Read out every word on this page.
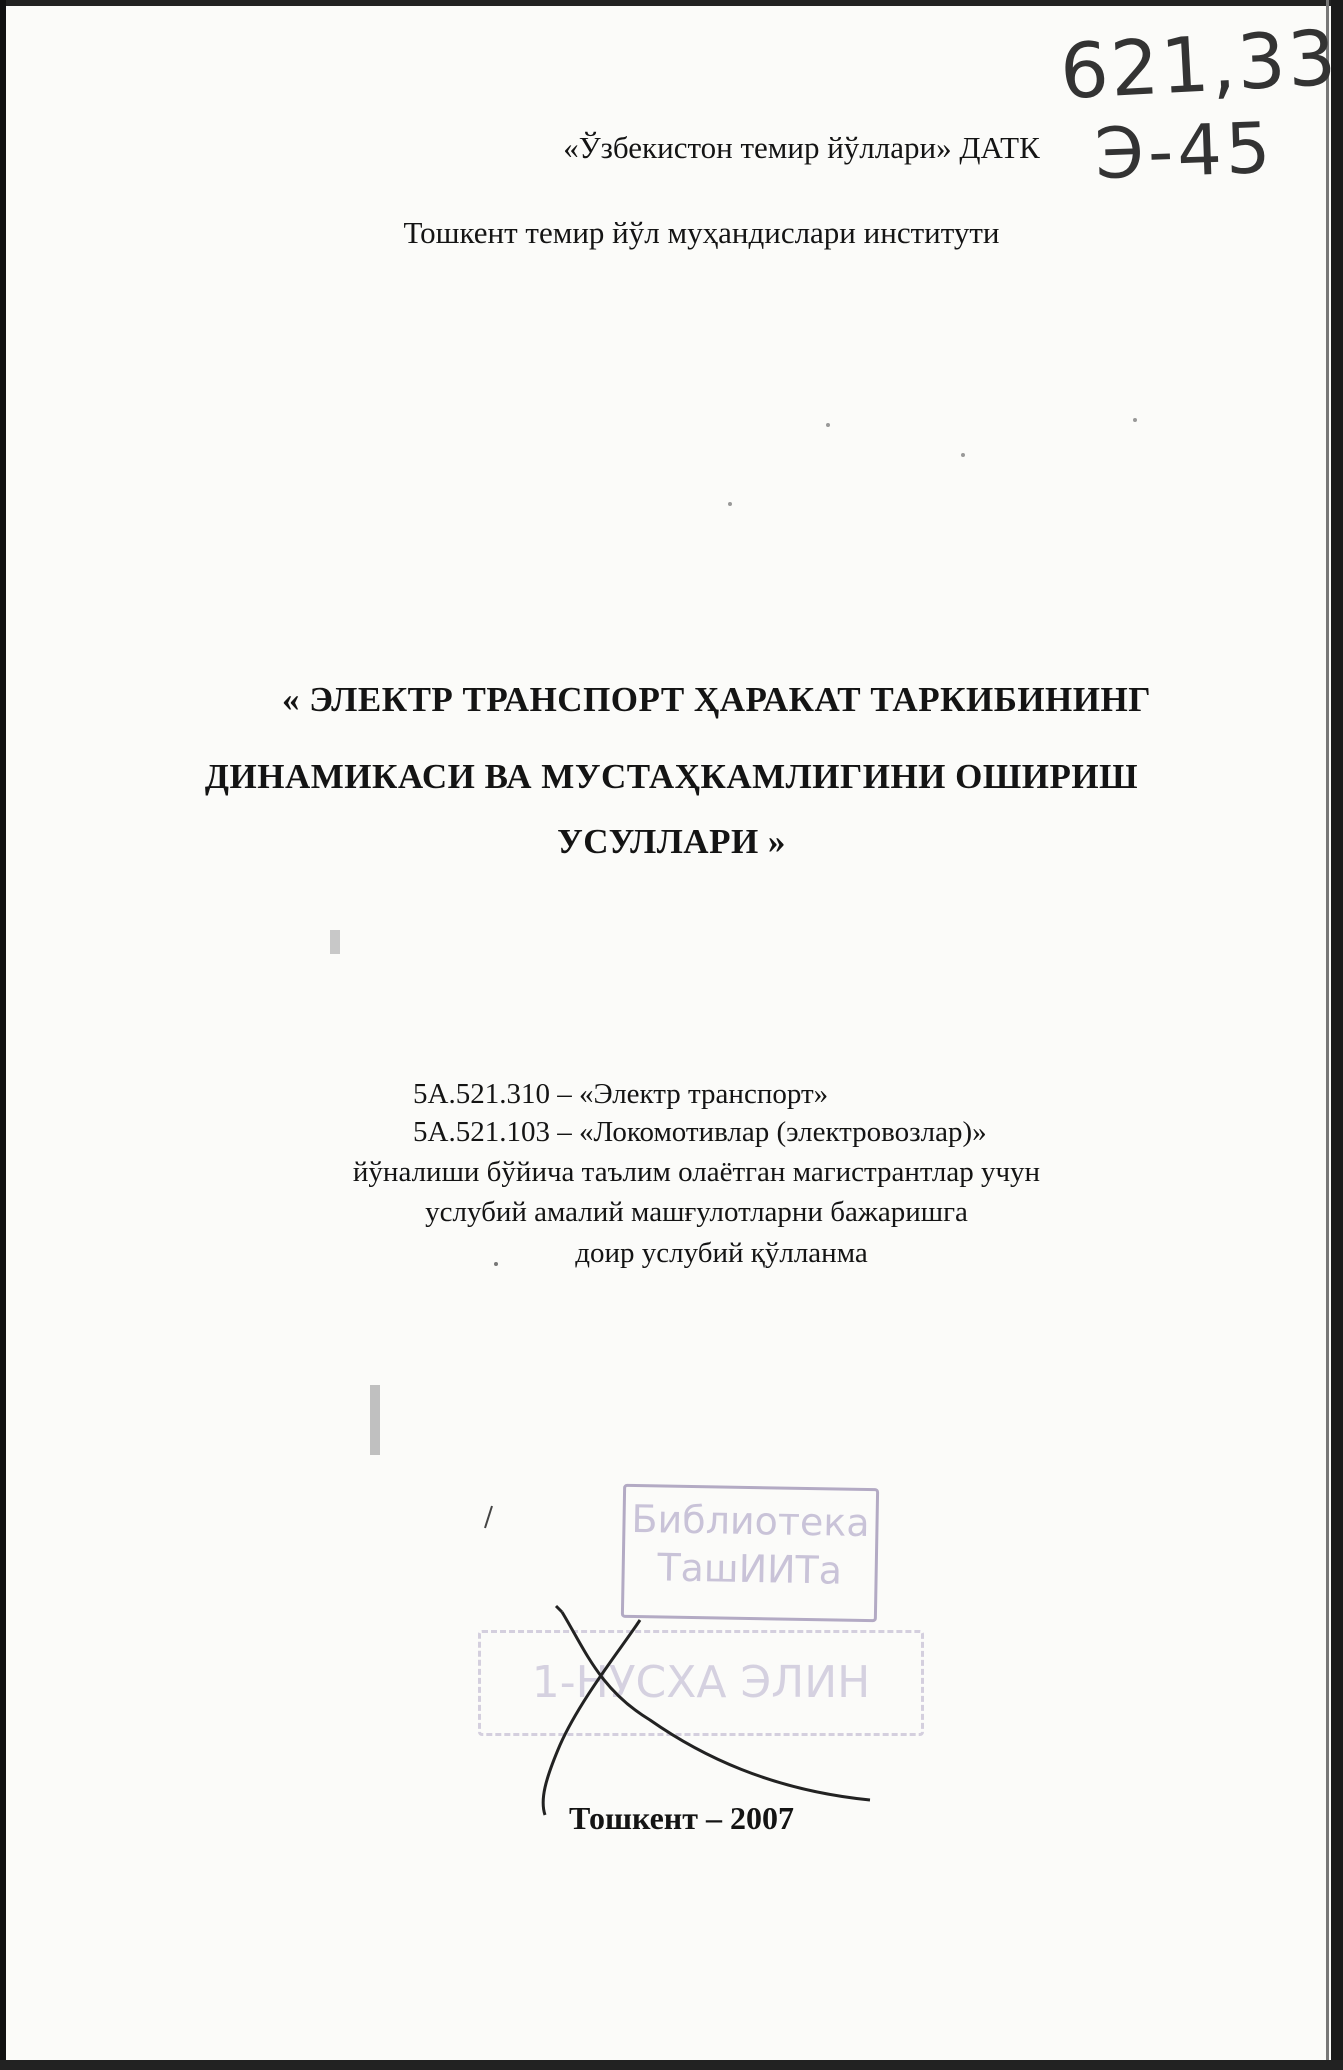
621,33
Э-45
«Ўзбекистон темир йўллари» ДАТК
Тошкент темир йўл муҳандислари институти
« ЭЛЕКТР ТРАНСПОРТ ҲАРАКАТ ТАРКИБИНИНГ
ДИНАМИКАСИ ВА МУСТАҲКАМЛИГИНИ ОШИРИШ
УСУЛЛАРИ »
5А.521.310 – «Электр транспорт»
5А.521.103 – «Локомотивлар (электровозлар)»
йўналиши бўйича таълим олаётган магистрантлар учун
услубий амалий машғулотларни бажаришга
доир услубий қўлланма
Библиотека
ТашИИТа
1-НУСХА ЭЛИН
Тошкент – 2007
